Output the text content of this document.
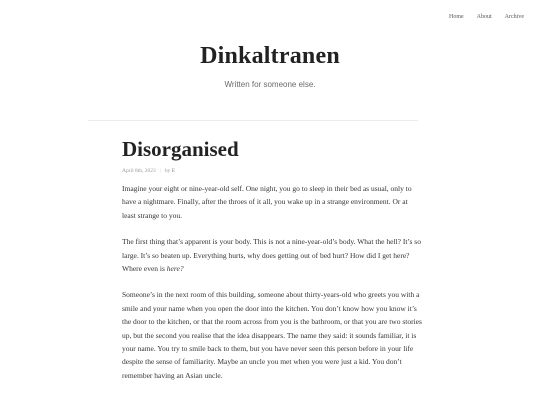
Home About Archive
Dinkaltranen
Written for someone else.
Disorganised
April 8th, 2023 | by E

Imagine your eight or nine-year-old self. One night, you go to sleep in their bed as usual, only to have a nightmare. Finally, after the throes of it all, you wake up in a strange environment. Or at least strange to you.

The first thing that’s apparent is your body. This is not a nine-year-old’s body. What the hell? It’s so large. It’s so beaten up. Everything hurts, why does getting out of bed hurt? How did I get here? Where even is here?

Someone’s in the next room of this building, someone about thirty-years-old who greets you with a smile and your name when you open the door into the kitchen. You don’t know how you know it’s the door to the kitchen, or that the room across from you is the bathroom, or that you are two stories up, but the second you realise that the idea disappears. The name they said: it sounds familiar, it is your name. You try to smile back to them, but you have never seen this person before in your life despite the sense of familiarity. Maybe an uncle you met when you were just a kid. You don’t remember having an Asian uncle.
